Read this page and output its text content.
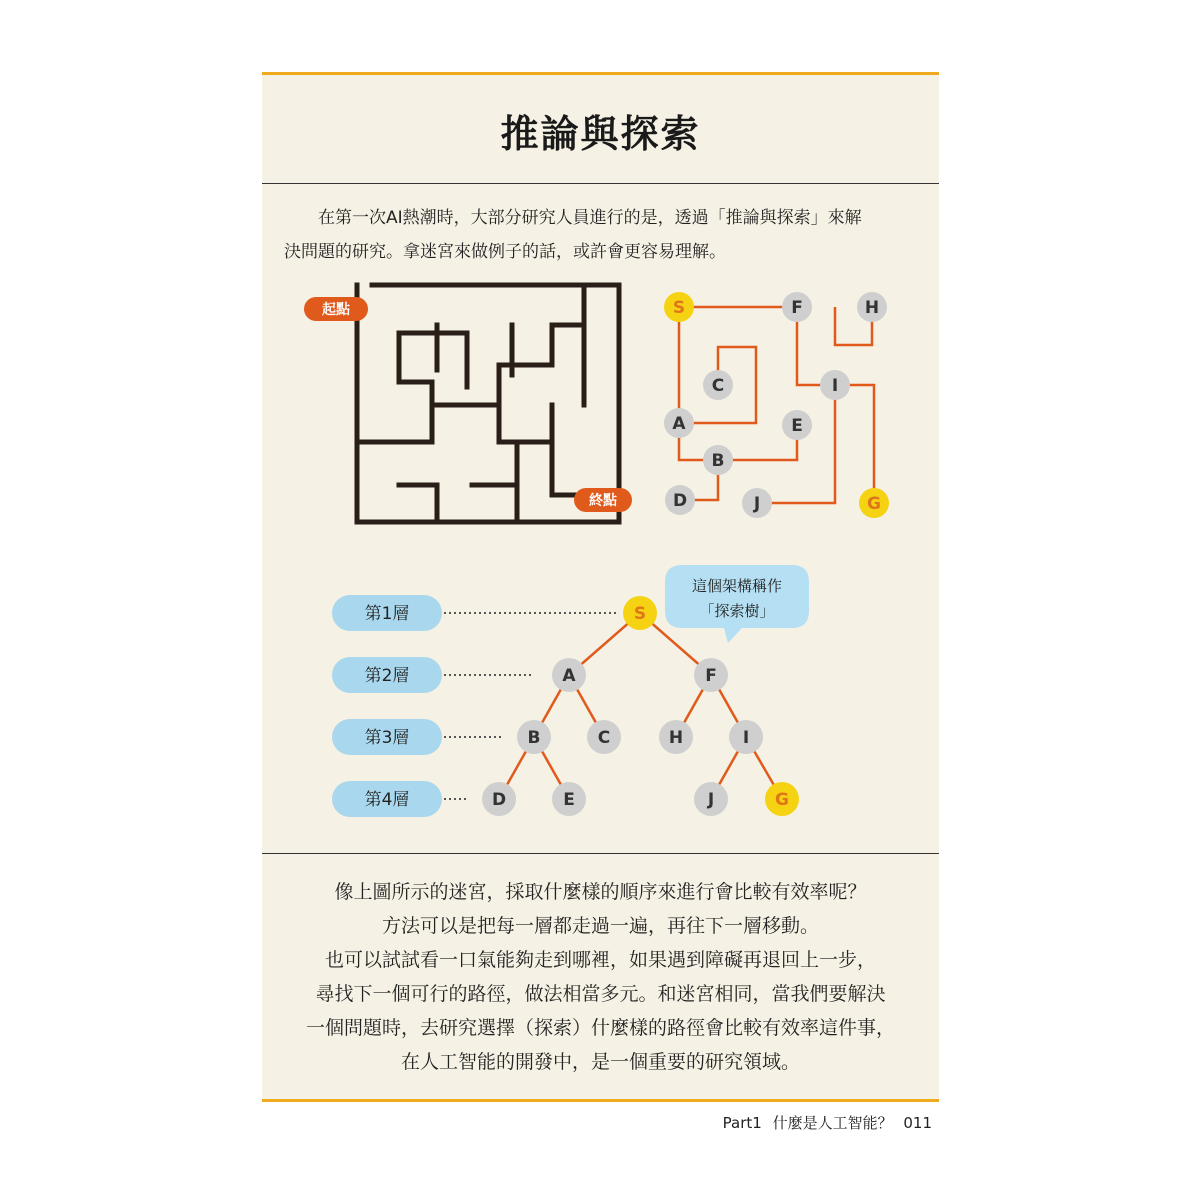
推論與探索

在第一次AI熱潮時，大部分研究人員進行的是，透過「推論與探索」來解

決問題的研究。拿迷宮來做例子的話，或許會更容易理解。

起點
終點
S	F	H
C	I
A	E
B
D	J	G
第1層
第2層
第3層
第4層
S
A	F
B	C	H	I
D	E	J	G
這個架構稱作
「探索樹」
像上圖所示的迷宮，採取什麼樣的順序來進行會比較有效率呢？
方法可以是把每一層都走過一遍，再往下一層移動。
也可以試試看一口氣能夠走到哪裡，如果遇到障礙再退回上一步，
尋找下一個可行的路徑，做法相當多元。和迷宮相同，當我們要解決
一個問題時，去研究選擇（探索）什麼樣的路徑會比較有效率這件事，
在人工智能的開發中，是一個重要的研究領域。
Part1 什麼是人工智能？ 011
